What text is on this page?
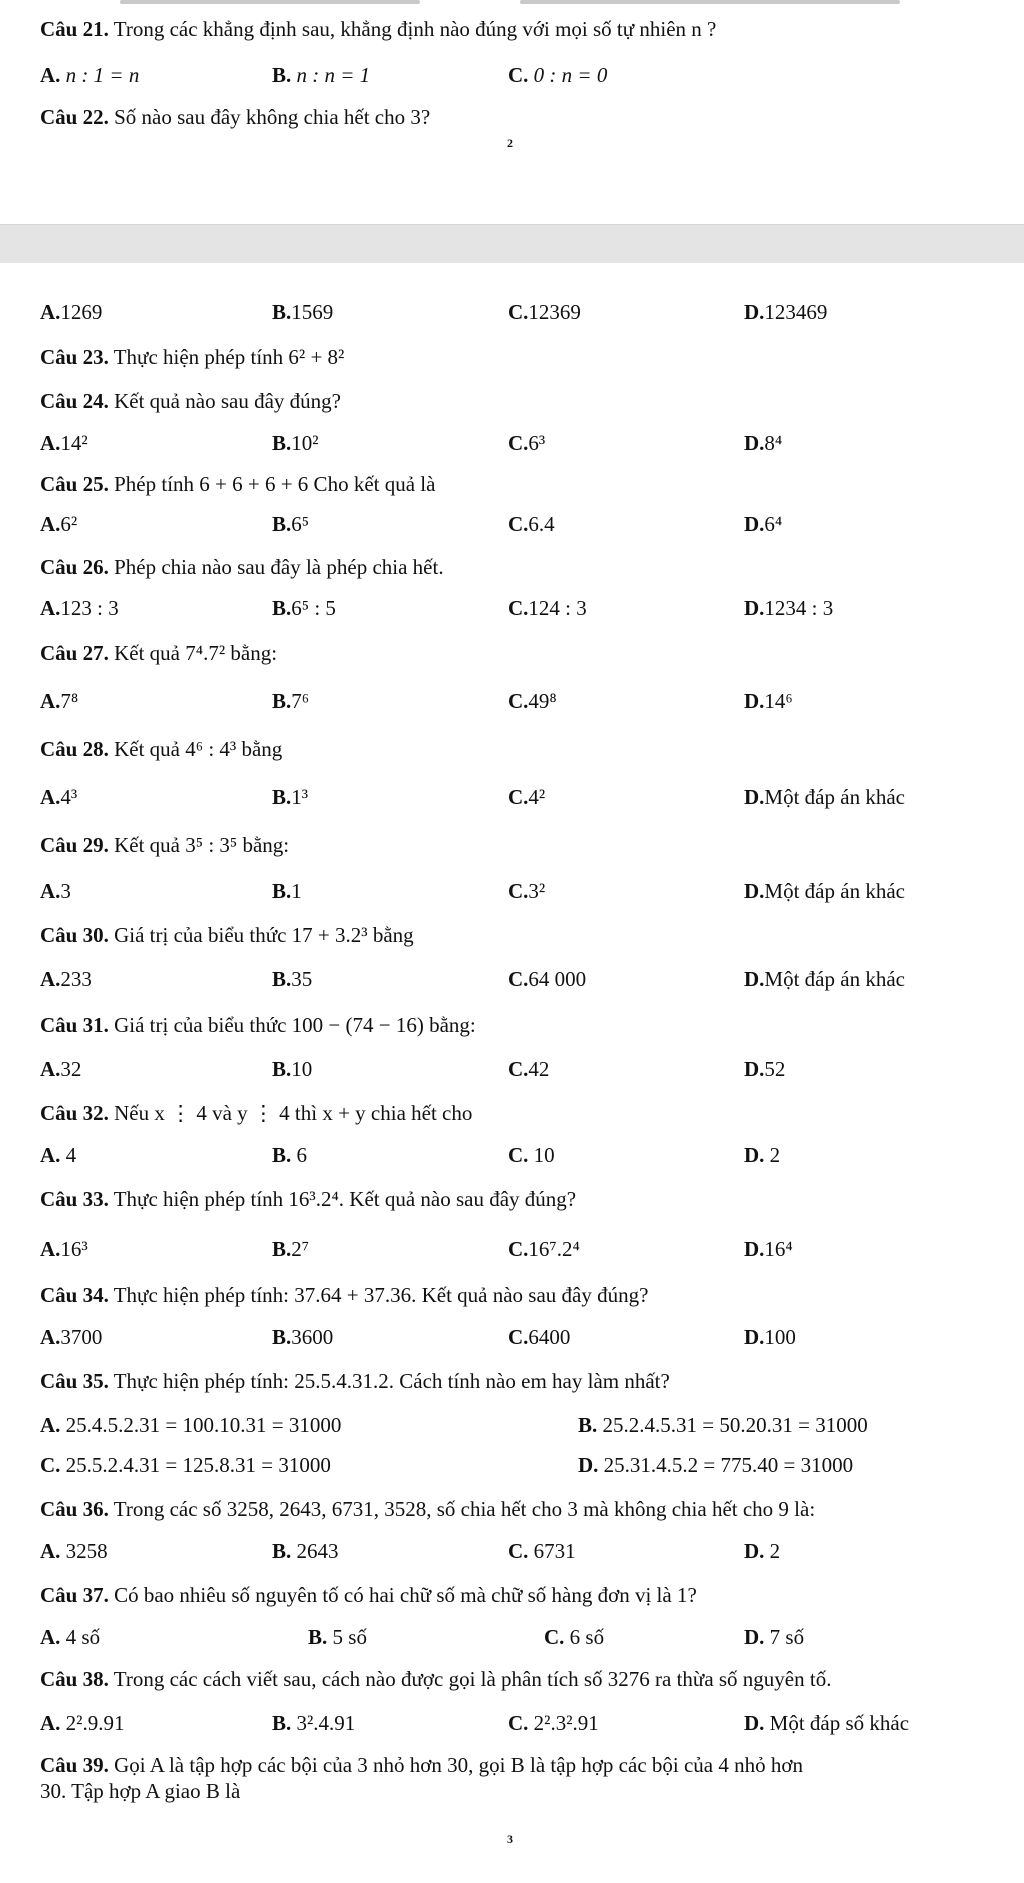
Câu 21. Trong các khẳng định sau, khẳng định nào đúng với mọi số tự nhiên n ?
A. n : 1 = n	B. n : n = 1	C. 0 : n = 0
Câu 22. Số nào sau đây không chia hết cho 3?
2
A.1269	B.1569	C.12369	D.123469
Câu 23. Thực hiện phép tính 6² + 8²
Câu 24. Kết quả nào sau đây đúng?
A.14²	B.10²	C.6³	D.8⁴
Câu 25. Phép tính 6 + 6 + 6 + 6 Cho kết quả là
A.6²	B.6⁵	C.6.4	D.6⁴
Câu 26. Phép chia nào sau đây là phép chia hết.
A.123 : 3	B.6⁵ : 5	C.124 : 3	D.1234 : 3
Câu 27. Kết quả 7⁴.7² bằng:
A.7⁸	B.7⁶	C.49⁸	D.14⁶
Câu 28. Kết quả 4⁶ : 4³ bằng
A.4³	B.1³	C.4²	D.Một đáp án khác
Câu 29. Kết quả 3⁵ : 3⁵ bằng:
A.3	B.1	C.3²	D.Một đáp án khác
Câu 30. Giá trị của biểu thức 17 + 3.2³ bằng
A.233	B.35	C.64 000	D.Một đáp án khác
Câu 31. Giá trị của biểu thức 100 − (74 − 16) bằng:
A.32	B.10	C.42	D.52
Câu 32. Nếu x ⋮ 4 và y ⋮ 4 thì x + y chia hết cho
A. 4	B. 6	C. 10	D. 2
Câu 33. Thực hiện phép tính 16³.2⁴. Kết quả nào sau đây đúng?
A.16³	B.2⁷	C.16⁷.2⁴	D.16⁴
Câu 34. Thực hiện phép tính: 37.64 + 37.36. Kết quả nào sau đây đúng?
A.3700	B.3600	C.6400	D.100
Câu 35. Thực hiện phép tính: 25.5.4.31.2. Cách tính nào em hay làm nhất?
A. 25.4.5.2.31 = 100.10.31 = 31000	B. 25.2.4.5.31 = 50.20.31 = 31000
C. 25.5.2.4.31 = 125.8.31 = 31000	D. 25.31.4.5.2 = 775.40 = 31000
Câu 36. Trong các số 3258, 2643, 6731, 3528, số chia hết cho 3 mà không chia hết cho 9 là:
A. 3258	B. 2643	C. 6731	D. 2
Câu 37. Có bao nhiêu số nguyên tố có hai chữ số mà chữ số hàng đơn vị là 1?
A. 4 số	B. 5 số	C. 6 số	D. 7 số
Câu 38. Trong các cách viết sau, cách nào được gọi là phân tích số 3276 ra thừa số nguyên tố.
A. 2².9.91	B. 3².4.91	C. 2².3².91	D. Một đáp số khác
Câu 39. Gọi A là tập hợp các bội của 3 nhỏ hơn 30, gọi B là tập hợp các bội của 4 nhỏ hơn
30. Tập hợp A giao B là
3
